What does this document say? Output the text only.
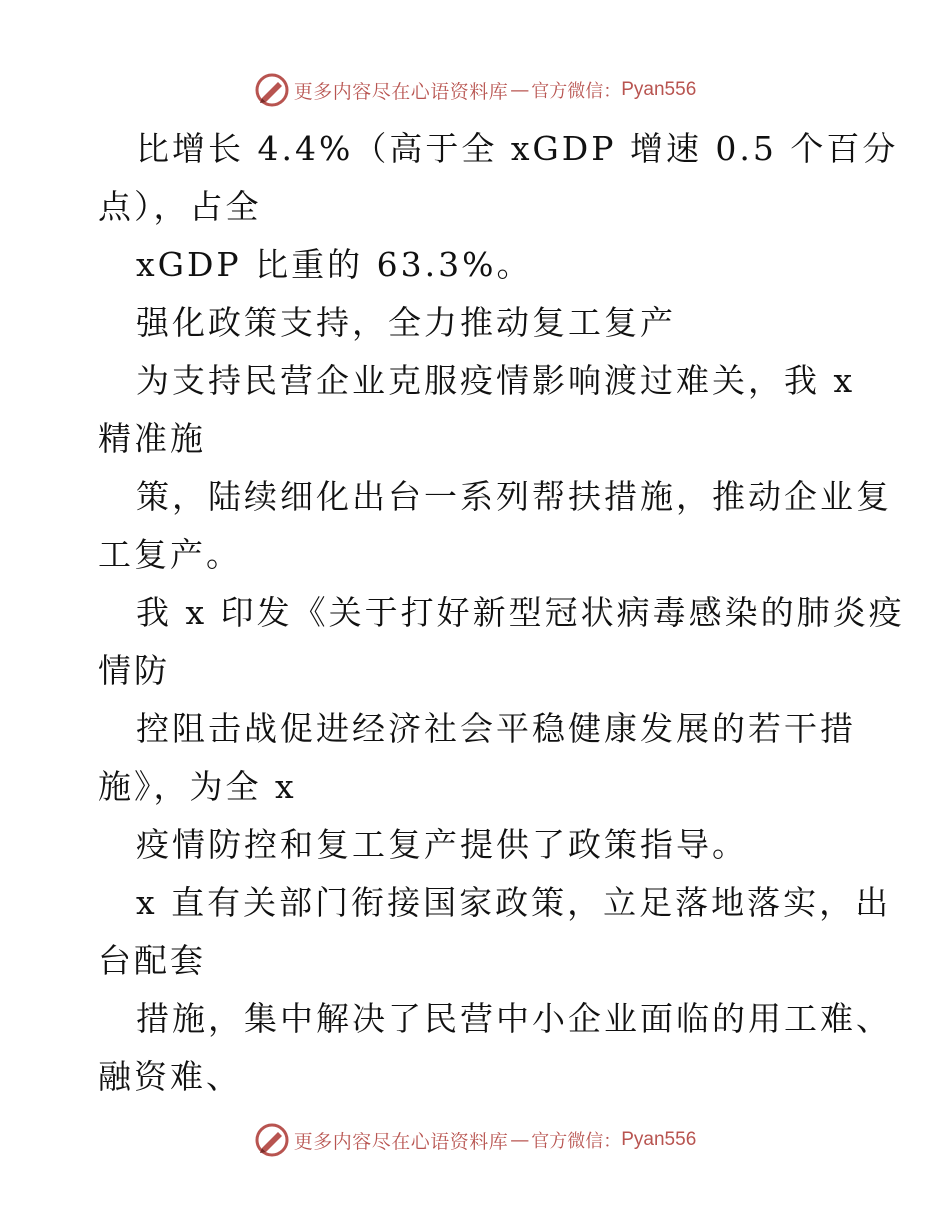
更多内容尽在心语资料库 — 官方微信： Pyan556
比增长 4.4%（高于全 xGDP 增速 0.5 个百分
点），占全
xGDP 比重的 63.3%。
强化政策支持，全力推动复工复产
为支持民营企业克服疫情影响渡过难关，我 x
精准施
策，陆续细化出台一系列帮扶措施，推动企业复
工复产。
我 x 印发《关于打好新型冠状病毒感染的肺炎疫
情防
控阻击战促进经济社会平稳健康发展的若干措
施》，为全 x
疫情防控和复工复产提供了政策指导。
x 直有关部门衔接国家政策，立足落地落实，出
台配套
措施，集中解决了民营中小企业面临的用工难、
融资难、
更多内容尽在心语资料库 — 官方微信： Pyan556
